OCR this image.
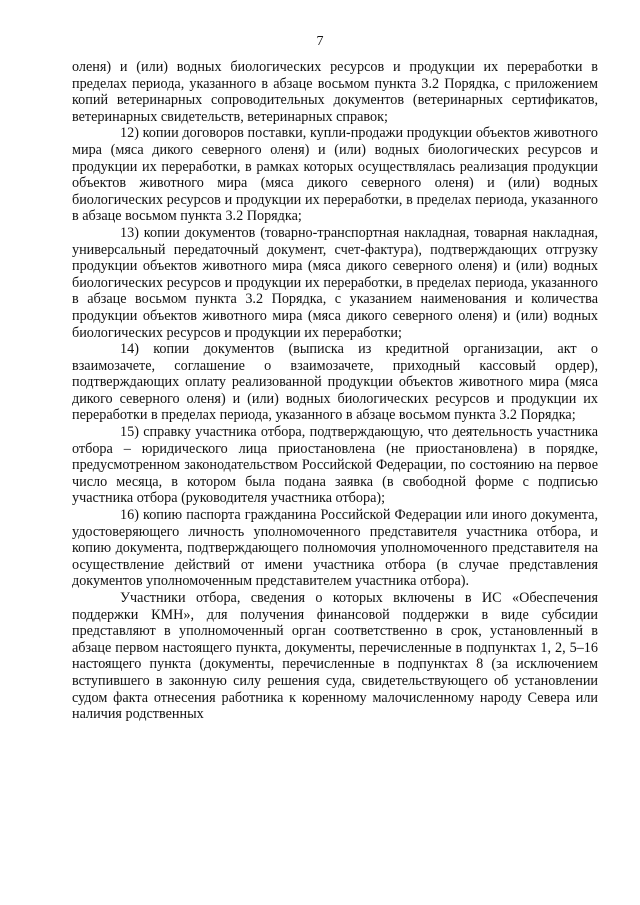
7

оленя) и (или) водных биологических ресурсов и продукции их переработки в пределах периода, указанного в абзаце восьмом пункта 3.2 Порядка, с приложением копий ветеринарных сопроводительных документов (ветеринарных сертификатов, ветеринарных свидетельств, ветеринарных справок;

12) копии договоров поставки, купли-продажи продукции объектов животного мира (мяса дикого северного оленя) и (или) водных биологических ресурсов и продукции их переработки, в рамках которых осуществлялась реализация продукции объектов животного мира (мяса дикого северного оленя) и (или) водных биологических ресурсов и продукции их переработки, в пределах периода, указанного в абзаце восьмом пункта 3.2 Порядка;

13) копии документов (товарно-транспортная накладная, товарная накладная, универсальный передаточный документ, счет-фактура), подтверждающих отгрузку продукции объектов животного мира (мяса дикого северного оленя) и (или) водных биологических ресурсов и продукции их переработки, в пределах периода, указанного в абзаце восьмом пункта 3.2 Порядка, с указанием наименования и количества продукции объектов животного мира (мяса дикого северного оленя) и (или) водных биологических ресурсов и продукции их переработки;

14) копии документов (выписка из кредитной организации, акт о взаимозачете, соглашение о взаимозачете, приходный кассовый ордер), подтверждающих оплату реализованной продукции объектов животного мира (мяса дикого северного оленя) и (или) водных биологических ресурсов и продукции их переработки в пределах периода, указанного в абзаце восьмом пункта 3.2 Порядка;

15) справку участника отбора, подтверждающую, что деятельность участника отбора – юридического лица приостановлена (не приостановлена) в порядке, предусмотренном законодательством Российской Федерации, по состоянию на первое число месяца, в котором была подана заявка (в свободной форме с подписью участника отбора (руководителя участника отбора);

16) копию паспорта гражданина Российской Федерации или иного документа, удостоверяющего личность уполномоченного представителя участника отбора, и копию документа, подтверждающего полномочия уполномоченного представителя на осуществление действий от имени участника отбора (в случае представления документов уполномоченным представителем участника отбора).

Участники отбора, сведения о которых включены в ИС «Обеспечения поддержки КМН», для получения финансовой поддержки в виде субсидии представляют в уполномоченный орган соответственно в срок, установленный в абзаце первом настоящего пункта, документы, перечисленные в подпунктах 1, 2, 5–16 настоящего пункта (документы, перечисленные в подпунктах 8 (за исключением вступившего в законную силу решения суда, свидетельствующего об установлении судом факта отнесения работника к коренному малочисленному народу Севера или наличия родственных
